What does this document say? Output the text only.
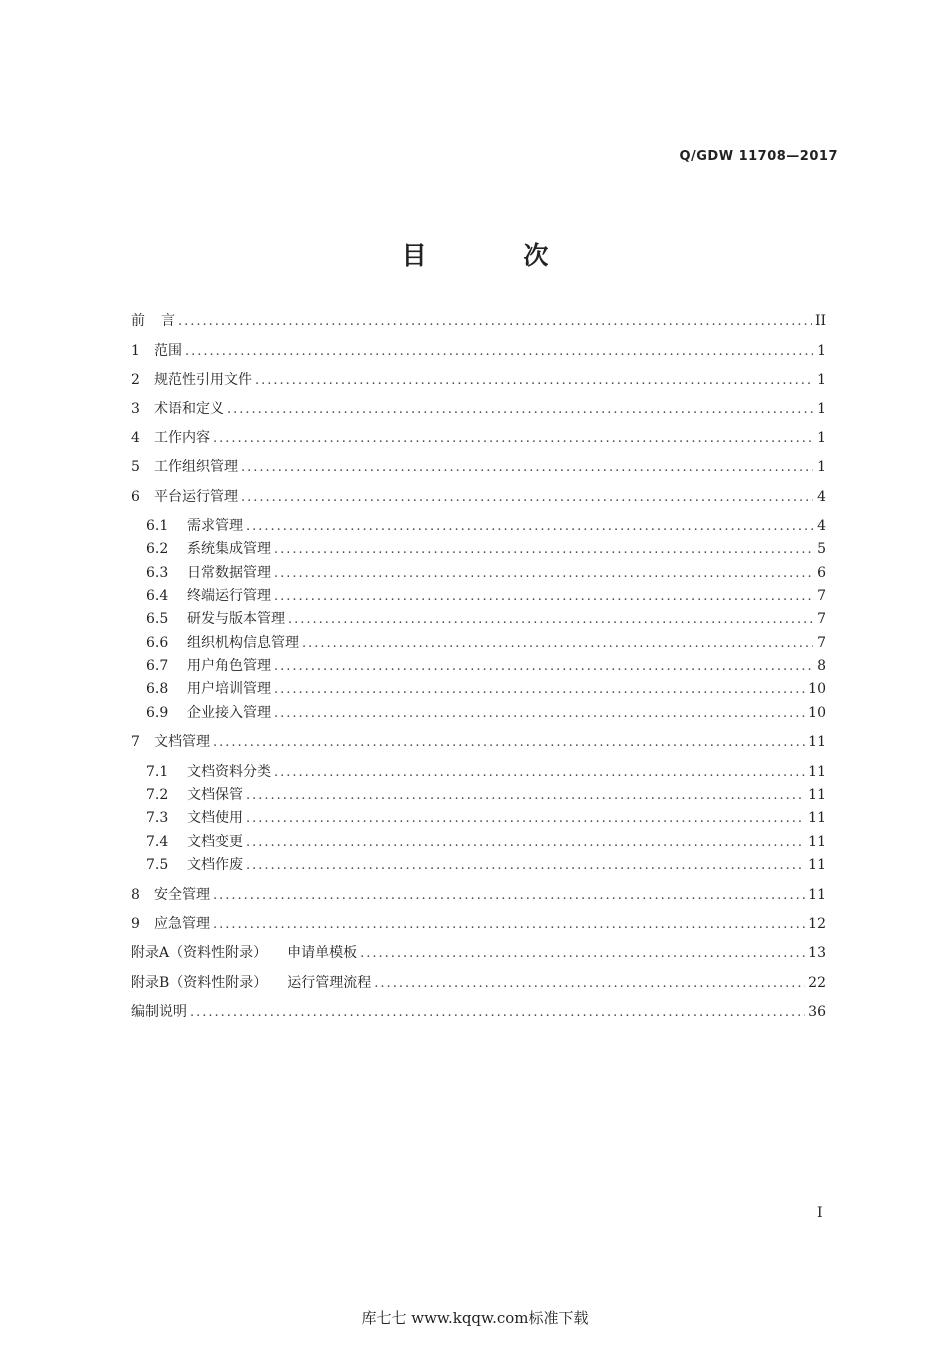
Q/GDW 11708—2017
目 次
前	言 .....	II
1	范围 .....	1
2	规范性引用文件 .....	1
3	术语和定义 .....	1
4	工作内容 .....	1
5	工作组织管理 .....	1
6	平台运行管理 .....	4
6.1	需求管理 .....	4
6.2	系统集成管理 .....	5
6.3	日常数据管理 .....	6
6.4	终端运行管理 .....	7
6.5	研发与版本管理 .....	7
6.6	组织机构信息管理 .....	7
6.7	用户角色管理 .....	8
6.8	用户培训管理 .....	10
6.9	企业接入管理 .....	10
7	文档管理 .....	11
7.1	文档资料分类 .....	11
7.2	文档保管 .....	11
7.3	文档使用 .....	11
7.4	文档变更 .....	11
7.5	文档作废 .....	11
8	安全管理 .....	11
9	应急管理 .....	12
附录A（资料性附录） 申请单模板 .....	13
附录B（资料性附录） 运行管理流程 .....	22
编制说明 .....	36
I
库七七 www.kqqw.com标准下载
